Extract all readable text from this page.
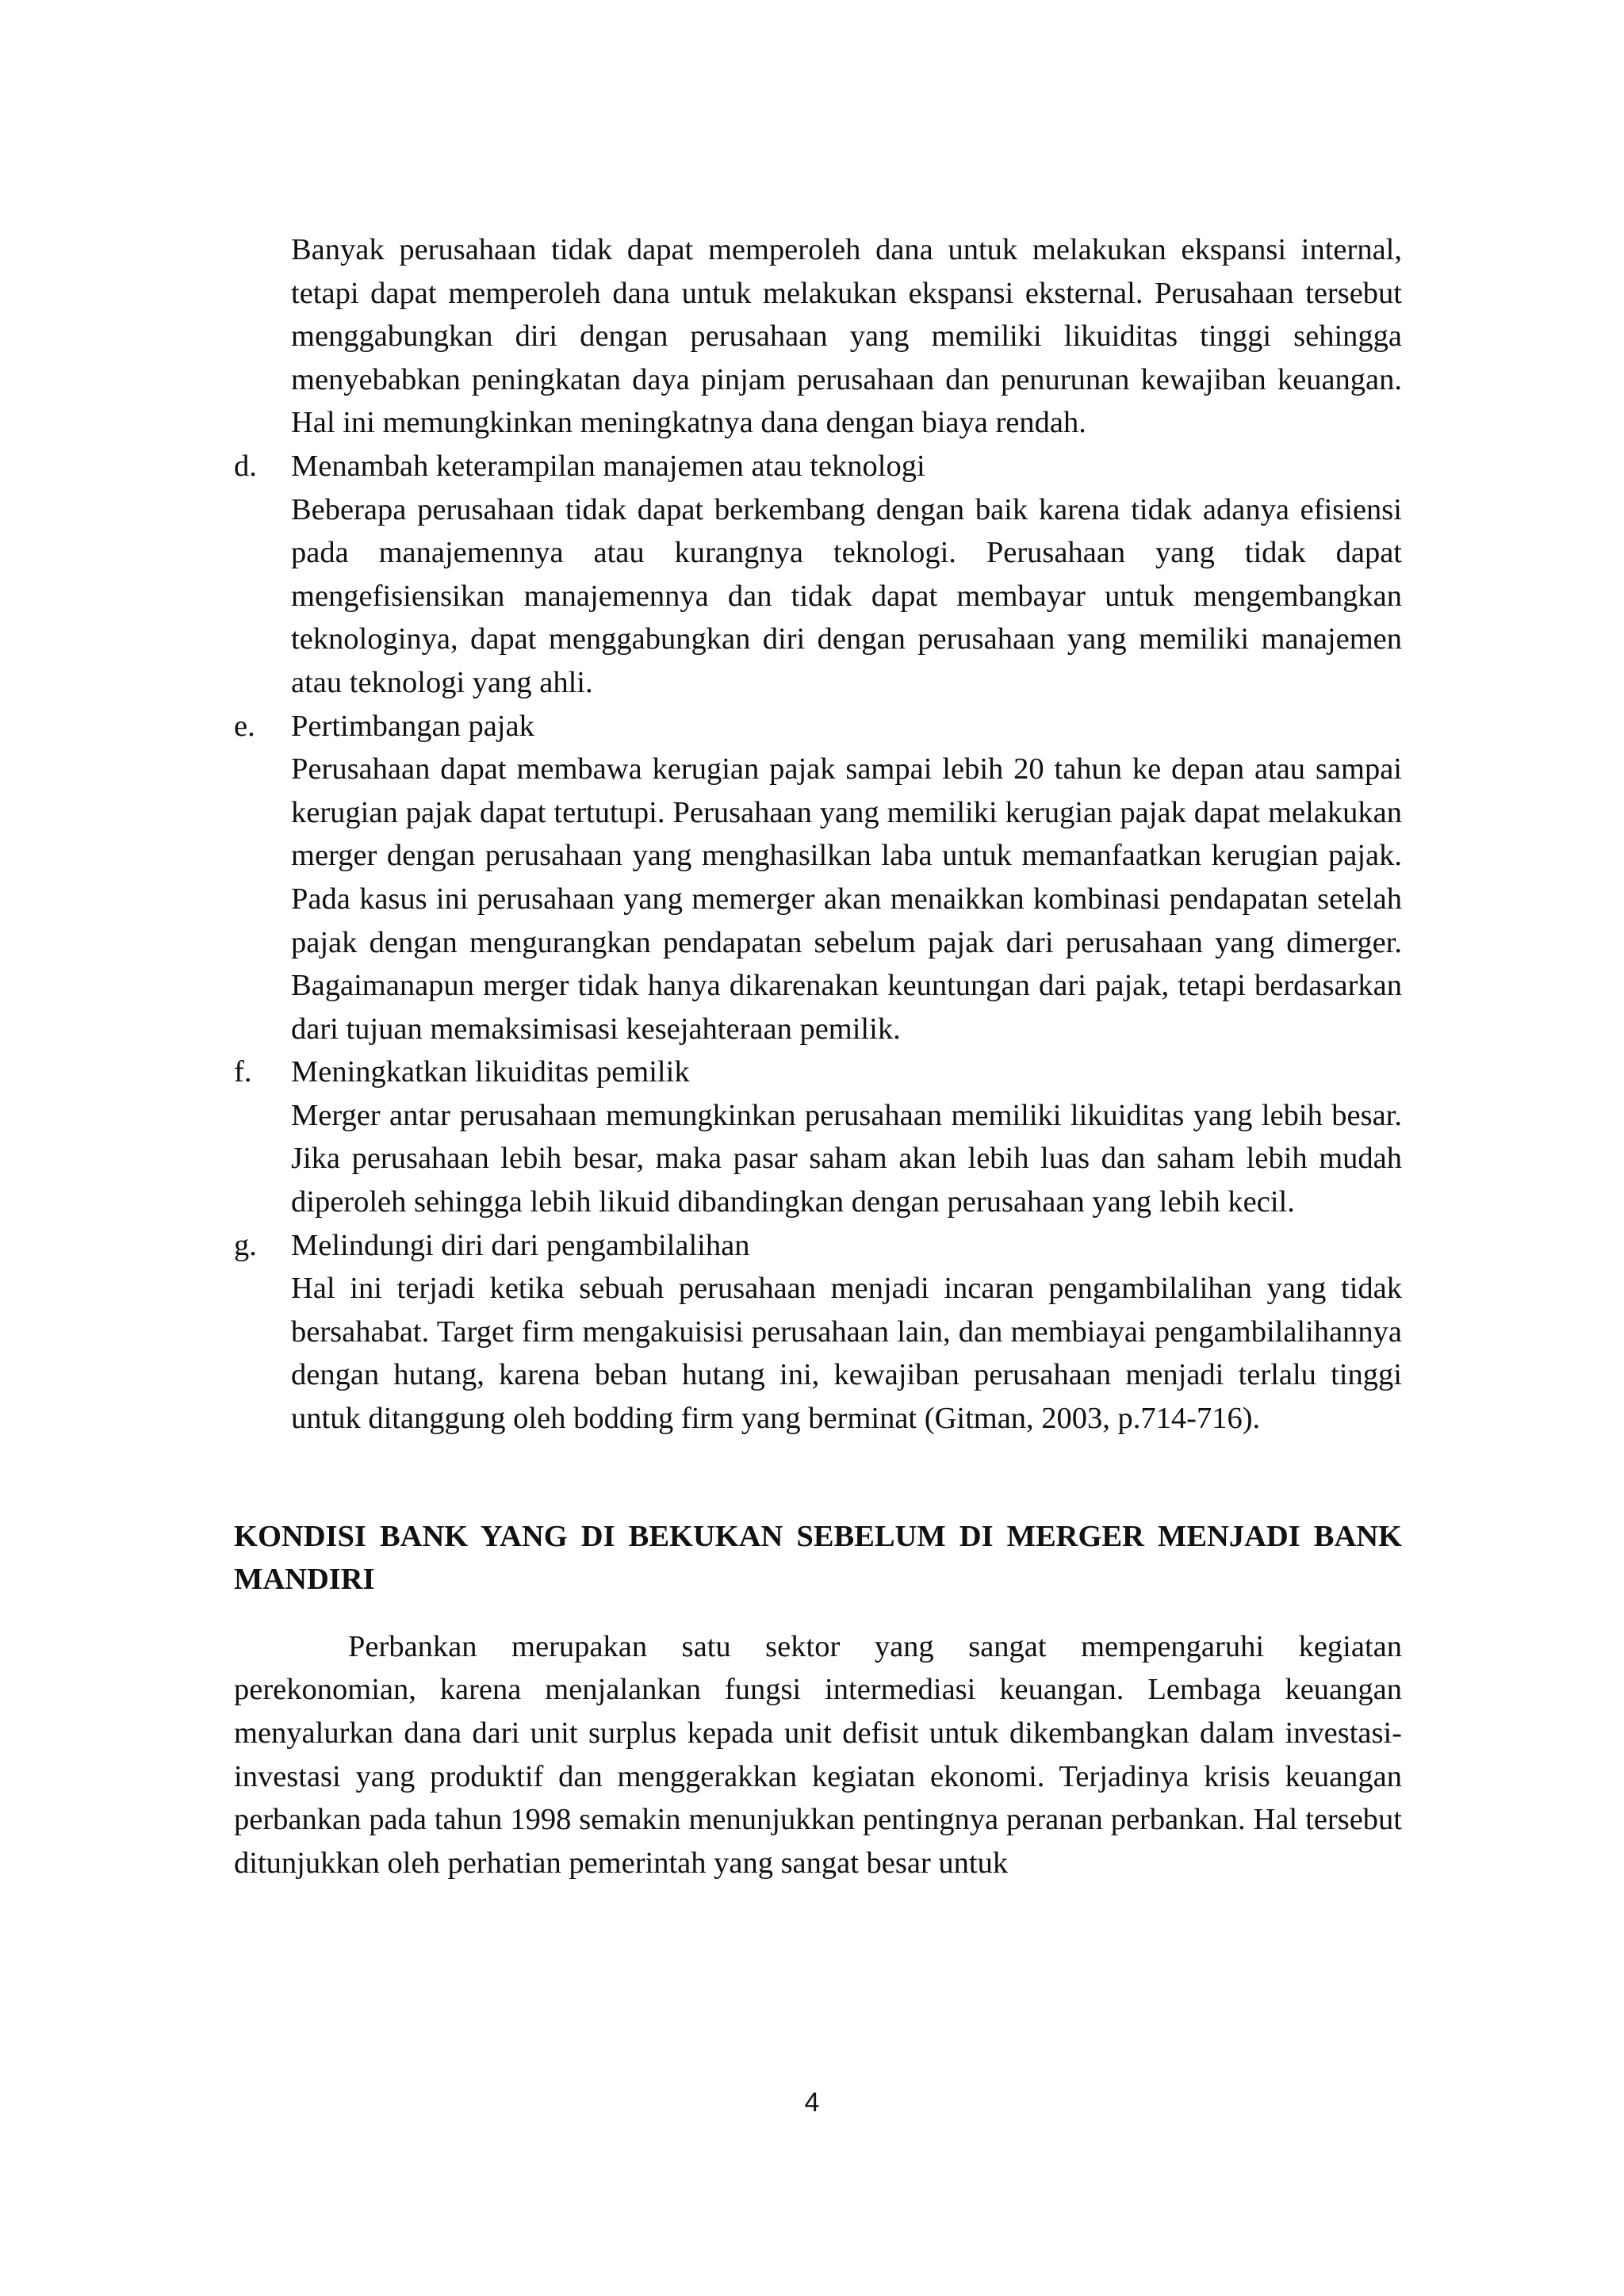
Banyak perusahaan tidak dapat memperoleh dana untuk melakukan ekspansi internal, tetapi dapat memperoleh dana untuk melakukan ekspansi eksternal. Perusahaan tersebut menggabungkan diri dengan perusahaan yang memiliki likuiditas tinggi sehingga menyebabkan peningkatan daya pinjam perusahaan dan penurunan kewajiban keuangan. Hal ini memungkinkan meningkatnya dana dengan biaya rendah.

d.	Menambah keterampilan manajemen atau teknologi

Beberapa perusahaan tidak dapat berkembang dengan baik karena tidak adanya efisiensi pada manajemennya atau kurangnya teknologi. Perusahaan yang tidak dapat mengefisiensikan manajemennya dan tidak dapat membayar untuk mengembangkan teknologinya, dapat menggabungkan diri dengan perusahaan yang memiliki manajemen atau teknologi yang ahli.

e.	Pertimbangan pajak

Perusahaan dapat membawa kerugian pajak sampai lebih 20 tahun ke depan atau sampai kerugian pajak dapat tertutupi. Perusahaan yang memiliki kerugian pajak dapat melakukan merger dengan perusahaan yang menghasilkan laba untuk memanfaatkan kerugian pajak. Pada kasus ini perusahaan yang memerger akan menaikkan kombinasi pendapatan setelah pajak dengan mengurangkan pendapatan sebelum pajak dari perusahaan yang dimerger. Bagaimanapun merger tidak hanya dikarenakan keuntungan dari pajak, tetapi berdasarkan dari tujuan memaksimisasi kesejahteraan pemilik.

f.	Meningkatkan likuiditas pemilik

Merger antar perusahaan memungkinkan perusahaan memiliki likuiditas yang lebih besar. Jika perusahaan lebih besar, maka pasar saham akan lebih luas dan saham lebih mudah diperoleh sehingga lebih likuid dibandingkan dengan perusahaan yang lebih kecil.

g.	Melindungi diri dari pengambilalihan

Hal ini terjadi ketika sebuah perusahaan menjadi incaran pengambilalihan yang tidak bersahabat. Target firm mengakuisisi perusahaan lain, dan membiayai pengambilalihannya dengan hutang, karena beban hutang ini, kewajiban perusahaan menjadi terlalu tinggi untuk ditanggung oleh bodding firm yang berminat (Gitman, 2003, p.714-716).

KONDISI BANK YANG DI BEKUKAN SEBELUM DI MERGER MENJADI BANK MANDIRI

Perbankan merupakan satu sektor yang sangat mempengaruhi kegiatan perekonomian, karena menjalankan fungsi intermediasi keuangan. Lembaga keuangan menyalurkan dana dari unit surplus kepada unit defisit untuk dikembangkan dalam investasi-investasi yang produktif dan menggerakkan kegiatan ekonomi. Terjadinya krisis keuangan perbankan pada tahun 1998 semakin menunjukkan pentingnya peranan perbankan. Hal tersebut ditunjukkan oleh perhatian pemerintah yang sangat besar untuk

4
